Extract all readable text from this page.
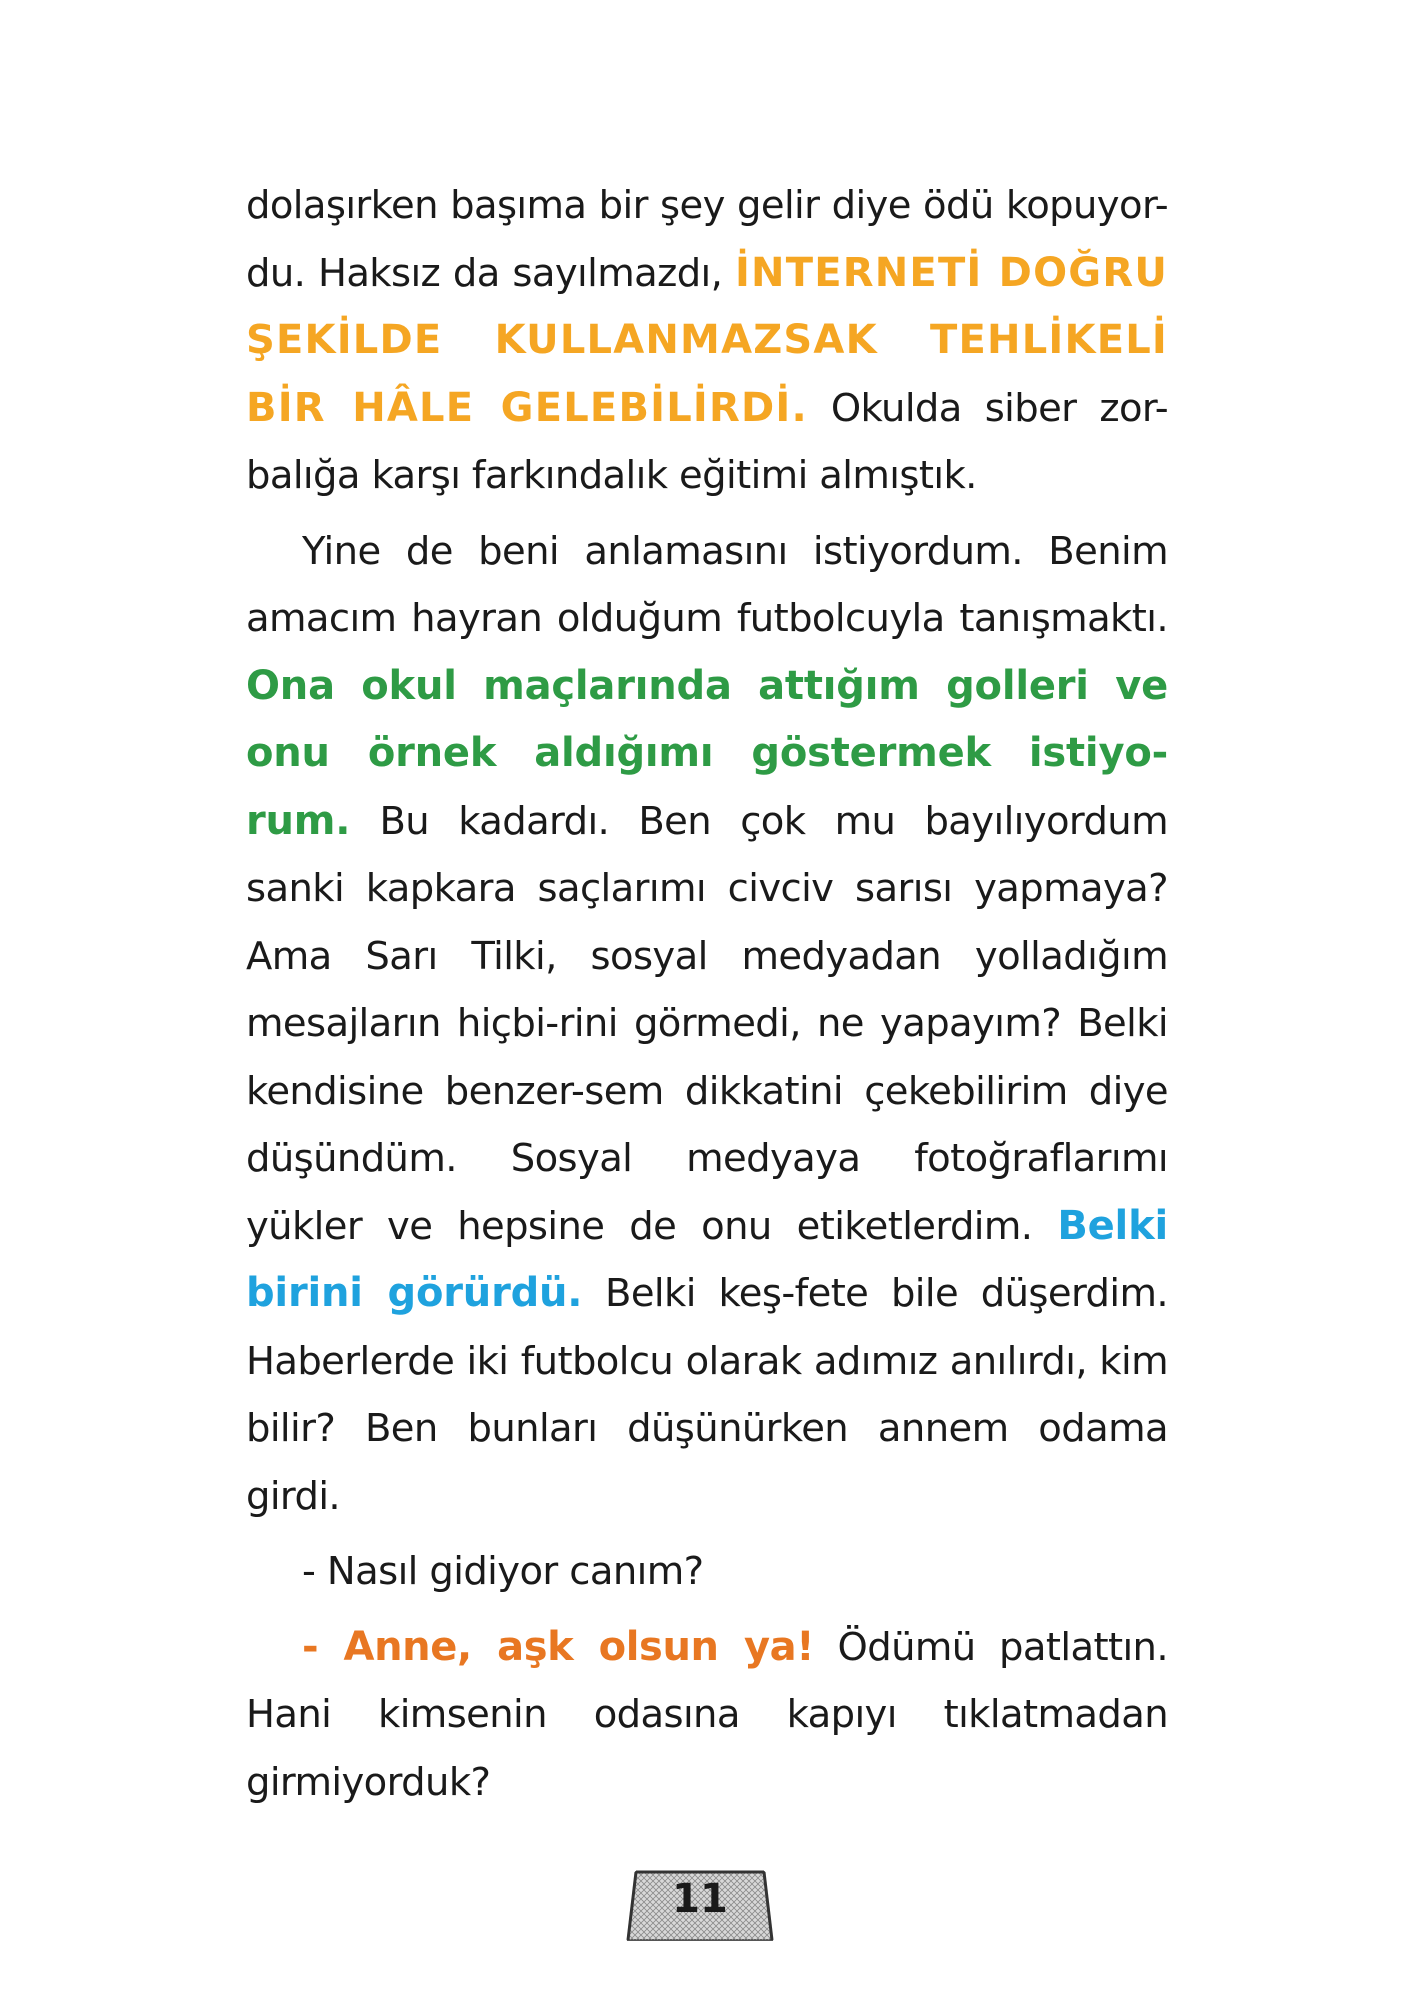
dolaşırken başıma bir şey gelir diye ödü kopuyor-du. Haksız da sayılmazdı, İNTERNETİ DOĞRU ŞEKİLDE KULLANMAZSAK TEHLİKELİ BİR HÂLE GELEBİLİRDİ. Okulda siber zor-balığa karşı farkındalık eğitimi almıştık.

Yine de beni anlamasını istiyordum. Benim amacım hayran olduğum futbolcuyla tanışmaktı. Ona okul maçlarında attığım golleri ve onu örnek aldığımı göstermek istiyo-rum. Bu kadardı. Ben çok mu bayılıyordum sanki kapkara saçlarımı civciv sarısı yapmaya? Ama Sarı Tilki, sosyal medyadan yolladığım mesajların hiçbi-rini görmedi, ne yapayım? Belki kendisine benzer-sem dikkatini çekebilirim diye düşündüm. Sosyal medyaya fotoğraflarımı yükler ve hepsine de onu etiketlerdim. Belki birini görürdü. Belki keş-fete bile düşerdim. Haberlerde iki futbolcu olarak adımız anılırdı, kim bilir? Ben bunları düşünürken annem odama girdi.

- Nasıl gidiyor canım?

- Anne, aşk olsun ya! Ödümü patlattın. Hani kimsenin odasına kapıyı tıklatmadan girmiyorduk?

11
